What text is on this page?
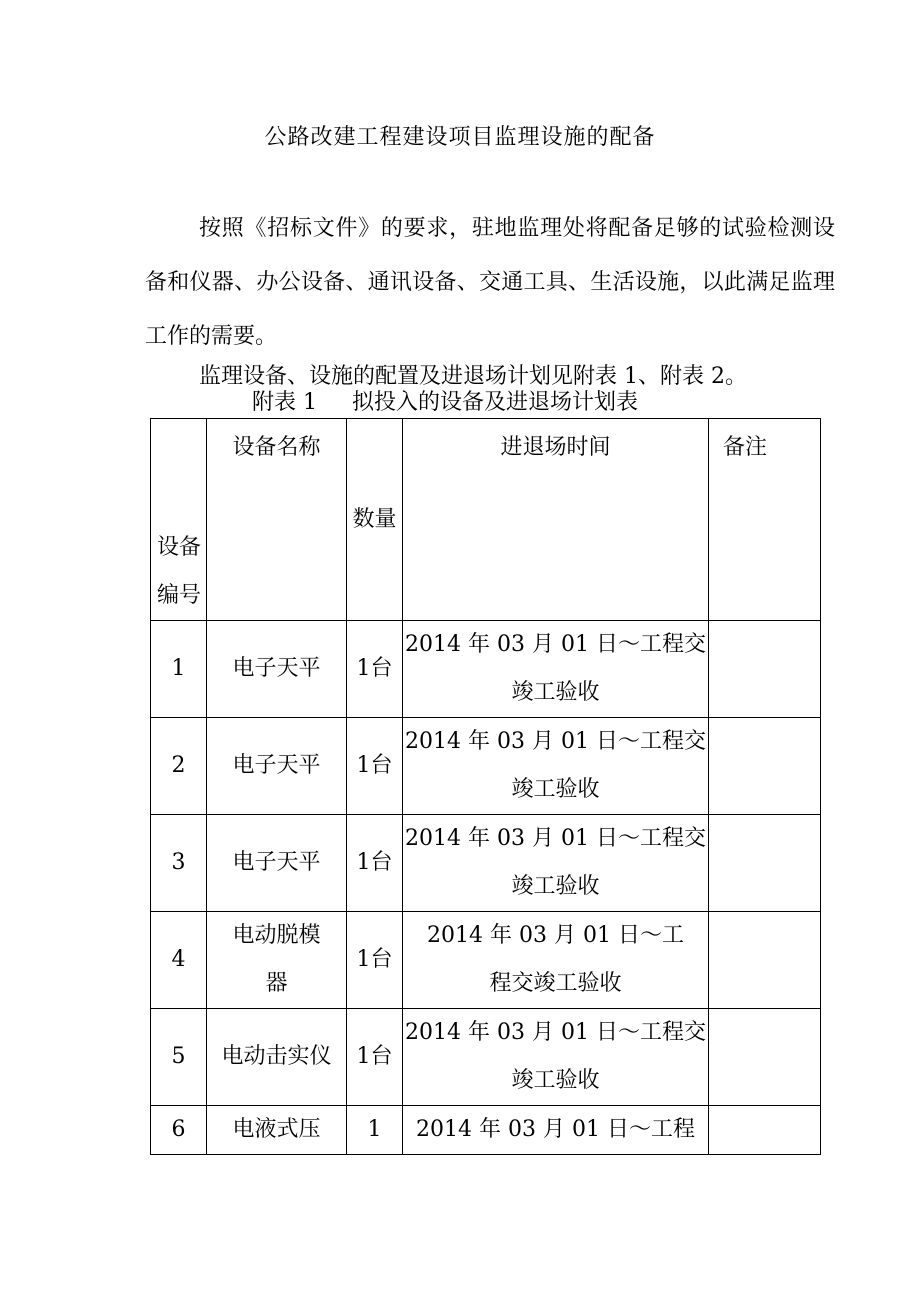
公路改建工程建设项目监理设施的配备

按照《招标文件》的要求，驻地监理处将配备足够的试验检测设备和仪器、办公设备、通讯设备、交通工具、生活设施，以此满足监理工作的需要。

监理设备、设施的配置及进退场计划见附表 1、附表 2。

附表 1     拟投入的设备及进退场计划表
设备编号	设备名称	数量	进退场时间	备注

1	电子天平	1台	2014 年 03 月 01 日～工程交竣工验收	
2	电子天平	1台	2014 年 03 月 01 日～工程交竣工验收	
3	电子天平	1台	2014 年 03 月 01 日～工程交竣工验收	
4	电动脱模器	1台	2014 年 03 月 01 日～工程交竣工验收	
5	电动击实仪	1台	2014 年 03 月 01 日～工程交竣工验收	
6	电液式压	1	2014 年 03 月 01 日～工程	
